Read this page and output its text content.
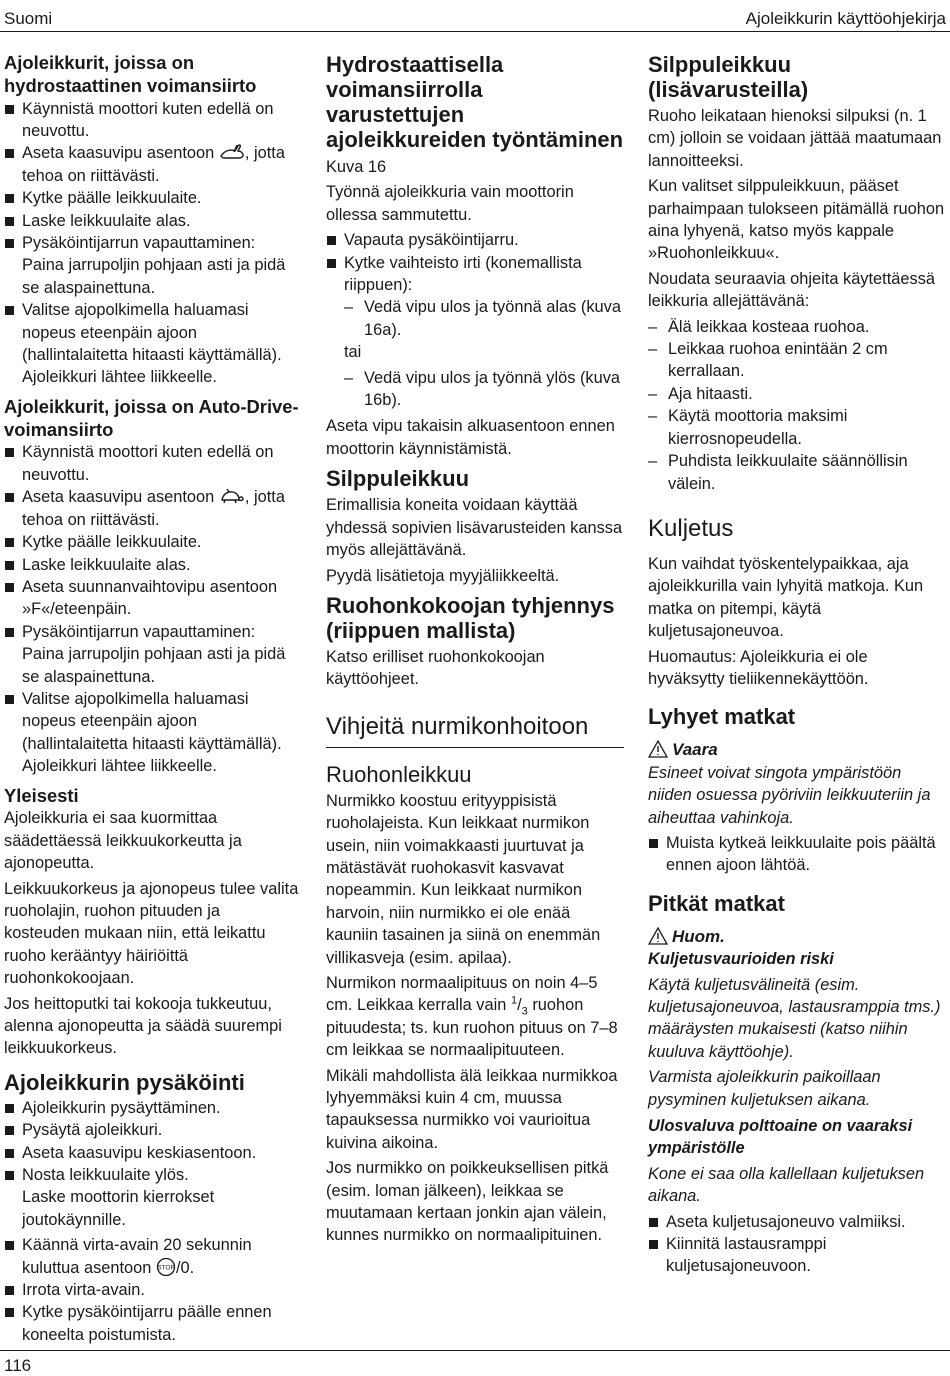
Suomi	Ajoleikkurin käyttöohjekirja
Ajoleikkurit, joissa on hydrostaattinen voimansiirto
Käynnistä moottori kuten edellä on neuvottu.
Aseta kaasuvipu asentoon , jotta tehoa on riittävästi.
Kytke päälle leikkuulaite.
Laske leikkuulaite alas.
Pysäköintijarrun vapauttaminen: Paina jarrupoljin pohjaan asti ja pidä se alaspainettuna.
Valitse ajopolkimella haluamasi nopeus eteenpäin ajoon (hallintalaitetta hitaasti käyttämällä). Ajoleikkuri lähtee liikkeelle.
Ajoleikkurit, joissa on Auto-Drive-voimansiirto
Käynnistä moottori kuten edellä on neuvottu.
Aseta kaasuvipu asentoon , jotta tehoa on riittävästi.
Kytke päälle leikkuulaite.
Laske leikkuulaite alas.
Aseta suunnanvaihtovipu asentoon »F«/eteenpäin.
Pysäköintijarrun vapauttaminen: Paina jarrupoljin pohjaan asti ja pidä se alaspainettuna.
Valitse ajopolkimella haluamasi nopeus eteenpäin ajoon (hallintalaitetta hitaasti käyttämällä). Ajoleikkuri lähtee liikkeelle.
Yleisesti

Ajoleikkuria ei saa kuormittaa säädettäessä leikkuukorkeutta ja ajonopeutta.

Leikkuukorkeus ja ajonopeus tulee valita ruoholajin, ruohon pituuden ja kosteuden mukaan niin, että leikattu ruoho kerääntyy häiriöittä ruohonkokoojaan.

Jos heittoputki tai kokooja tukkeutuu, alenna ajonopeutta ja säädä suurempi leikkuukorkeus.

Ajoleikkurin pysäköinti
Ajoleikkurin pysäyttäminen.
Pysäytä ajoleikkuri.
Aseta kaasuvipu keskiasentoon.
Nosta leikkuulaite ylös.

Laske moottorin kierrokset joutokäynnille.

Käännä virta-avain 20 sekunnin kuluttua asentoon STOP /0.
Irrota virta-avain.
Kytke pysäköintijarru päälle ennen koneelta poistumista.
Hydrostaattisella voimansiirrolla varustettujen ajoleikkureiden työntäminen

Kuva 16

Työnnä ajoleikkuria vain moottorin ollessa sammutettu.

Vapauta pysäköintijarru.
Kytke vaihteisto irti (konemallista riippuen):
– Vedä vipu ulos ja työnnä alas (kuva 16a).

tai

– Vedä vipu ulos ja työnnä ylös (kuva 16b).

Aseta vipu takaisin alkuasentoon ennen moottorin käynnistämistä.

Silppuleikkuu

Erimallisia koneita voidaan käyttää yhdessä sopivien lisävarusteiden kanssa myös allejättävänä.

Pyydä lisätietoja myyjäliikkeeltä.

Ruohonkokoojan tyhjennys (riippuen mallista)

Katso erilliset ruohonkokoojan käyttöohjeet.

Vihjeitä nurmikonhoitoon
Ruohonleikkuu

Nurmikko koostuu erityyppisistä ruoholajeista. Kun leikkaat nurmikon usein, niin voimakkaasti juurtuvat ja mätästävät ruohokasvit kasvavat nopeammin. Kun leikkaat nurmikon harvoin, niin nurmikko ei ole enää kauniin tasainen ja siinä on enemmän villikasveja (esim. apilaa).

Nurmikon normaalipituus on noin 4–5 cm. Leikkaa kerralla vain $^1/_3$ ruohon pituudesta; ts. kun ruohon pituus on 7–8 cm leikkaa se normaalipituuteen.

Mikäli mahdollista älä leikkaa nurmikkoa lyhyemmäksi kuin 4 cm, muussa tapauksessa nurmikko voi vaurioitua kuivina aikoina.

Jos nurmikko on poikkeuksellisen pitkä (esim. loman jälkeen), leikkaa se muutamaan kertaan jonkin ajan välein, kunnes nurmikko on normaalipituinen.

Silppuleikkuu (lisävarusteilla)

Ruoho leikataan hienoksi silpuksi (n. 1 cm) jolloin se voidaan jättää maatumaan lannoitteeksi.

Kun valitset silppuleikkuun, pääset parhaimpaan tulokseen pitämällä ruohon aina lyhyenä, katso myös kappale »Ruohonleikkuu«.

Noudata seuraavia ohjeita käytettäessä leikkuria allejättävänä:

– Älä leikkaa kosteaa ruohoa.
– Leikkaa ruohoa enintään 2 cm kerrallaan.
– Aja hitaasti.
– Käytä moottoria maksimi kierrosnopeudella.
– Puhdista leikkuulaite säännöllisin välein.
Kuljetus

Kun vaihdat työskentelypaikkaa, aja ajoleikkurilla vain lyhyitä matkoja. Kun matka on pitempi, käytä kuljetusajoneuvoa.

Huomautus: Ajoleikkuria ei ole hyväksytty tieliikennekäyttöön.

Lyhyet matkat
Vaara

Esineet voivat singota ympäristöön niiden osuessa pyöriviin leikkuuteriin ja aiheuttaa vahinkoja.

Muista kytkeä leikkuulaite pois päältä ennen ajoon lähtöä.
Pitkät matkat
Huom.

Kuljetusvaurioiden riski

Käytä kuljetusvälineitä (esim. kuljetusajoneuvoa, lastausramppia tms.) määräysten mukaisesti (katso niihin kuuluva käyttöohje).

Varmista ajoleikkurin paikoillaan pysyminen kuljetuksen aikana.

Ulosvaluva polttoaine on vaaraksi ympäristölle

Kone ei saa olla kallellaan kuljetuksen aikana.

Aseta kuljetusajoneuvo valmiiksi.
Kiinnitä lastausramppi kuljetusajoneuvoon.
116
